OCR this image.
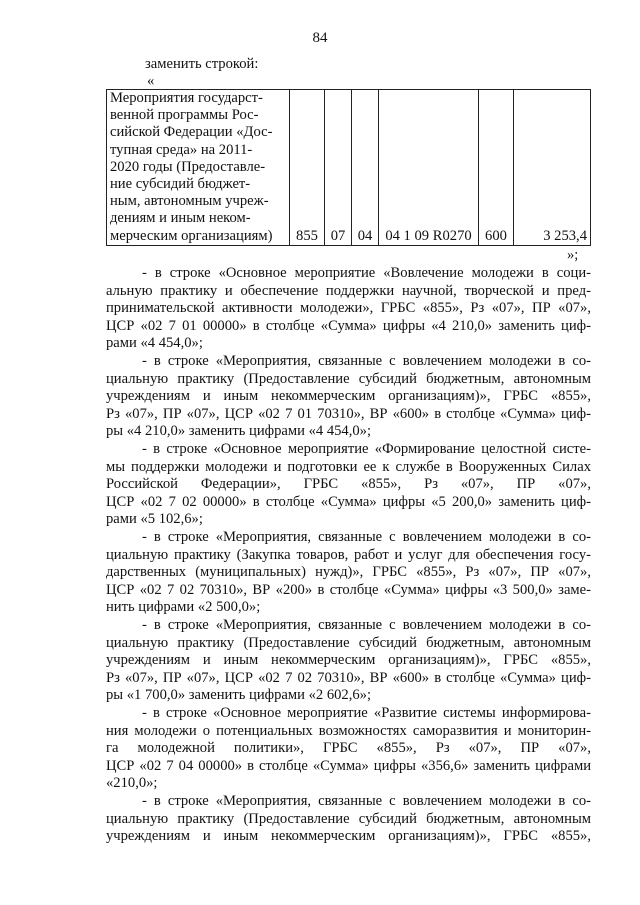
84
заменить строкой:
«
Мероприятия государст-
венной программы Рос-
сийской Федерации «Дос-
тупная среда» на 2011-
2020 годы (Предоставле-
ние субсидий бюджет-
ным, автономным учреж-
дениям и иным неком-
мерческим организациям)	855	07	04	04 1 09 R0270	600	3 253,4
»;
- в строке «Основное мероприятие «Вовлечение молодежи в соци-
альную практику и обеспечение поддержки научной, творческой и пред-
принимательской активности молодежи», ГРБС «855», Рз «07», ПР «07»,
ЦСР «02 7 01 00000» в столбце «Сумма» цифры «4 210,0» заменить циф-
рами «4 454,0»;
- в строке «Мероприятия, связанные с вовлечением молодежи в со-
циальную практику (Предоставление субсидий бюджетным, автономным
учреждениям и иным некоммерческим организациям)», ГРБС «855»,
Рз «07», ПР «07», ЦСР «02 7 01 70310», ВР «600» в столбце «Сумма» циф-
ры «4 210,0» заменить цифрами «4 454,0»;
- в строке «Основное мероприятие «Формирование целостной систе-
мы поддержки молодежи и подготовки ее к службе в Вооруженных Силах
Российской Федерации», ГРБС «855», Рз «07», ПР «07»,
ЦСР «02 7 02 00000» в столбце «Сумма» цифры «5 200,0» заменить циф-
рами «5 102,6»;
- в строке «Мероприятия, связанные с вовлечением молодежи в со-
циальную практику (Закупка товаров, работ и услуг для обеспечения госу-
дарственных (муниципальных) нужд)», ГРБС «855», Рз «07», ПР «07»,
ЦСР «02 7 02 70310», ВР «200» в столбце «Сумма» цифры «3 500,0» заме-
нить цифрами «2 500,0»;
- в строке «Мероприятия, связанные с вовлечением молодежи в со-
циальную практику (Предоставление субсидий бюджетным, автономным
учреждениям и иным некоммерческим организациям)», ГРБС «855»,
Рз «07», ПР «07», ЦСР «02 7 02 70310», ВР «600» в столбце «Сумма» циф-
ры «1 700,0» заменить цифрами «2 602,6»;
- в строке «Основное мероприятие «Развитие системы информирова-
ния молодежи о потенциальных возможностях саморазвития и мониторин-
га молодежной политики», ГРБС «855», Рз «07», ПР «07»,
ЦСР «02 7 04 00000» в столбце «Сумма» цифры «356,6» заменить цифрами
«210,0»;
- в строке «Мероприятия, связанные с вовлечением молодежи в со-
циальную практику (Предоставление субсидий бюджетным, автономным
учреждениям и иным некоммерческим организациям)», ГРБС «855»,
